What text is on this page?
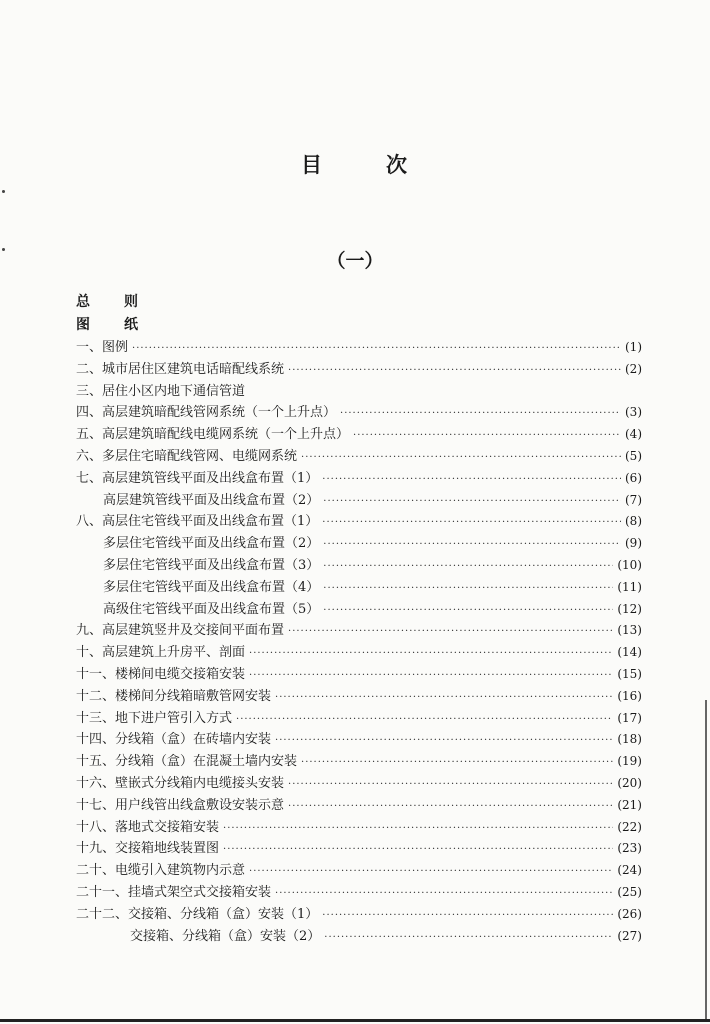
目	次
（一）
总　则
图　纸
一、图例 ·····	(1)
二、城市居住区建筑电话暗配线系统 ·····	(2)
三、居住小区内地下通信管道
四、高层建筑暗配线管网系统（一个上升点） ·····	(3)
五、高层建筑暗配线电缆网系统（一个上升点） ·····	(4)
六、多层住宅暗配线管网、电缆网系统 ·····	(5)
七、高层建筑管线平面及出线盒布置（1） ·····	(6)
高层建筑管线平面及出线盒布置（2） ·····	(7)
八、高层住宅管线平面及出线盒布置（1） ·····	(8)
多层住宅管线平面及出线盒布置（2） ·····	(9)
多层住宅管线平面及出线盒布置（3） ·····	(10)
多层住宅管线平面及出线盒布置（4） ·····	(11)
高级住宅管线平面及出线盒布置（5） ·····	(12)
九、高层建筑竖井及交接间平面布置 ·····	(13)
十、高层建筑上升房平、剖面 ·····	(14)
十一、楼梯间电缆交接箱安装 ·····	(15)
十二、楼梯间分线箱暗敷管网安装 ·····	(16)
十三、地下进户管引入方式 ·····	(17)
十四、分线箱（盒）在砖墙内安装 ·····	(18)
十五、分线箱（盒）在混凝土墙内安装 ·····	(19)
十六、壁嵌式分线箱内电缆接头安装 ·····	(20)
十七、用户线管出线盒敷设安装示意 ·····	(21)
十八、落地式交接箱安装 ·····	(22)
十九、交接箱地线装置图 ·····	(23)
二十、电缆引入建筑物内示意 ·····	(24)
二十一、挂墙式架空式交接箱安装 ·····	(25)
二十二、交接箱、分线箱（盒）安装（1） ·····	(26)
交接箱、分线箱（盒）安装（2） ·····	(27)
